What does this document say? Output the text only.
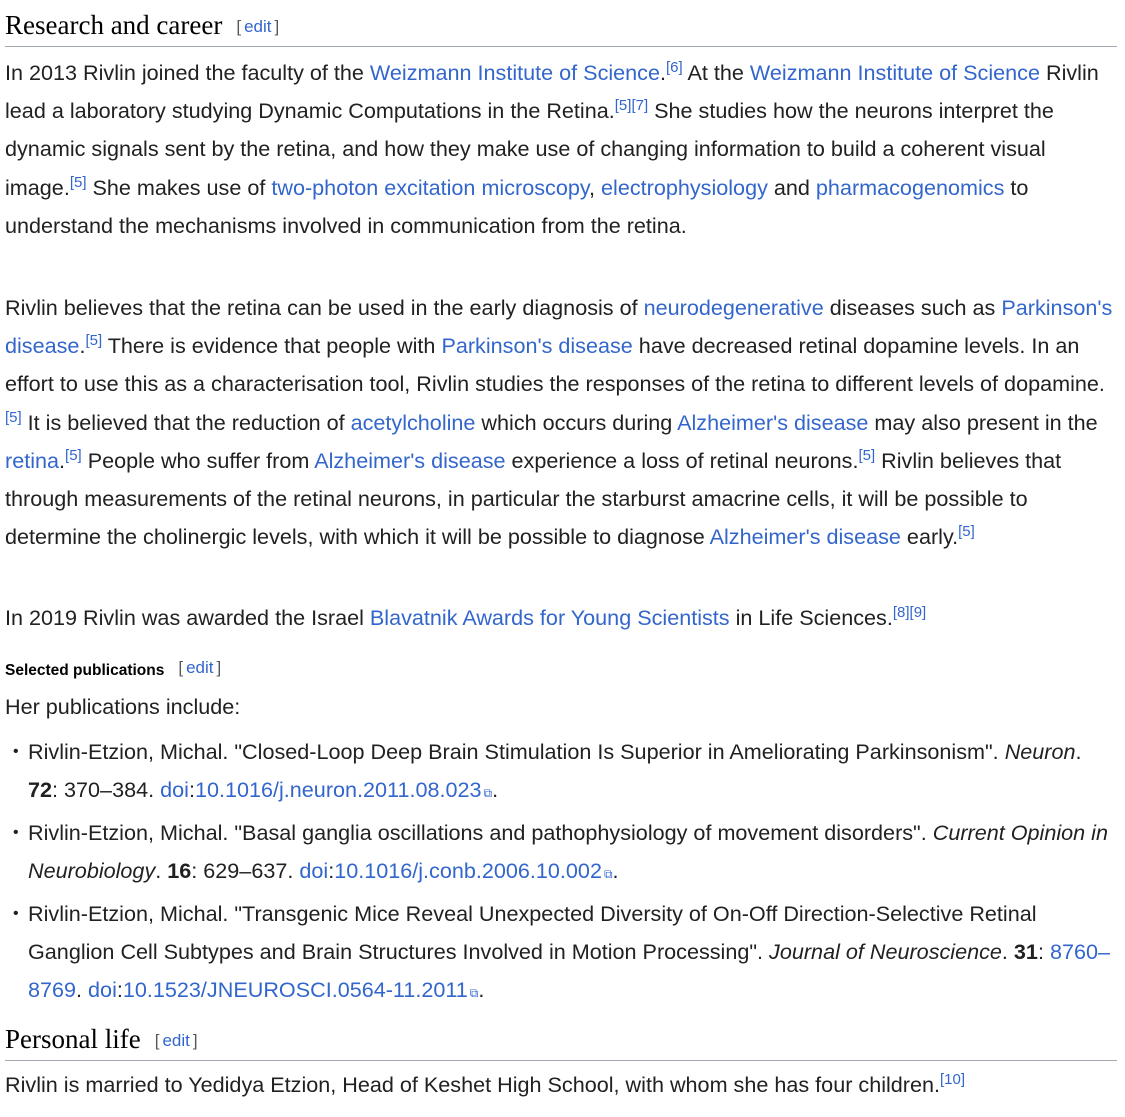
Research and career [ edit ]
In 2013 Rivlin joined the faculty of the Weizmann Institute of Science.[6] At the Weizmann Institute of Science Rivlin lead a laboratory studying Dynamic Computations in the Retina.[5][7] She studies how the neurons interpret the dynamic signals sent by the retina, and how they make use of changing information to build a coherent visual image.[5] She makes use of two-photon excitation microscopy, electrophysiology and pharmacogenomics to understand the mechanisms involved in communication from the retina.
Rivlin believes that the retina can be used in the early diagnosis of neurodegenerative diseases such as Parkinson's disease.[5] There is evidence that people with Parkinson's disease have decreased retinal dopamine levels. In an effort to use this as a characterisation tool, Rivlin studies the responses of the retina to different levels of dopamine.[5] It is believed that the reduction of acetylcholine which occurs during Alzheimer's disease may also present in the retina.[5] People who suffer from Alzheimer's disease experience a loss of retinal neurons.[5] Rivlin believes that through measurements of the retinal neurons, in particular the starburst amacrine cells, it will be possible to determine the cholinergic levels, with which it will be possible to diagnose Alzheimer's disease early.[5]
In 2019 Rivlin was awarded the Israel Blavatnik Awards for Young Scientists in Life Sciences.[8][9]
Selected publications [ edit ]
Her publications include:
• Rivlin-Etzion, Michal. "Closed-Loop Deep Brain Stimulation Is Superior in Ameliorating Parkinsonism". Neuron. 72: 370–384. doi:10.1016/j.neuron.2011.08.023 ⧉.
• Rivlin-Etzion, Michal. "Basal ganglia oscillations and pathophysiology of movement disorders". Current Opinion in Neurobiology. 16: 629–637. doi:10.1016/j.conb.2006.10.002 ⧉.
• Rivlin-Etzion, Michal. "Transgenic Mice Reveal Unexpected Diversity of On-Off Direction-Selective Retinal Ganglion Cell Subtypes and Brain Structures Involved in Motion Processing". Journal of Neuroscience. 31: 8760–8769. doi:10.1523/JNEUROSCI.0564-11.2011 ⧉.
Personal life [ edit ]
Rivlin is married to Yedidya Etzion, Head of Keshet High School, with whom she has four children.[10]
